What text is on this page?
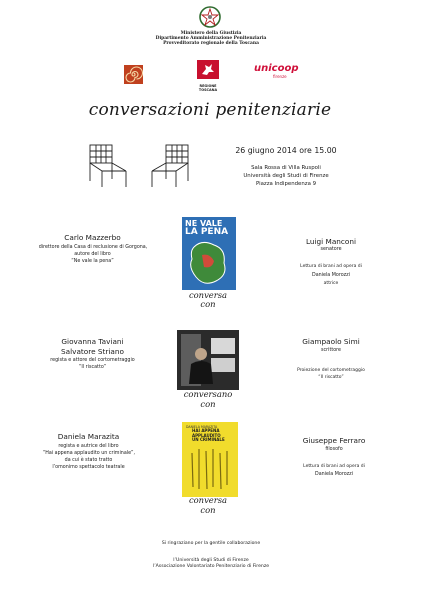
Ministero della Giustizia
Dipartimento Amministrazione Penitenziaria
Provveditorato regionale della Toscana
REGIONE
TOSCANA
unicoop
firenze
conversazioni penitenziarie
26 giugno 2014 ore 15.00
Sala Rossa di Villa Ruspoli
Università degli Studi di Firenze
Piazza Indipendenza 9
Carlo Mazzerbo
direttore della Casa di reclusione di Gorgona,
autore del libro
“Ne vale la pena”
NE VALE
LA PENA
conversa
con
Luigi Manconi
senatore
Lettura di brani ad opera di
Daniela Morozzi
attrice
Giovanna Taviani
Salvatore Striano
regista e attore del cortometraggio
“Il riscatto”
conversano
con
Giampaolo Simi
scrittore
Proiezione del cortometraggio
“Il riscatto”
Daniela Marazita
regista e autrice del libro
“Hai appena applaudito un criminale”,
da cui è stato tratto
l’omonimo spettacolo teatrale
DANIELA MARAZITA
HAI APPENA
APPLAUDITO
UN CRIMINALE
conversa
con
Giuseppe Ferraro
filosofo
Lettura di brani ad opera di
Daniela Morozzi
Si ringraziano per la gentile collaborazione
l’Università degli Studi di Firenze
l’Associazione Volontariato Penitenziario di Firenze
